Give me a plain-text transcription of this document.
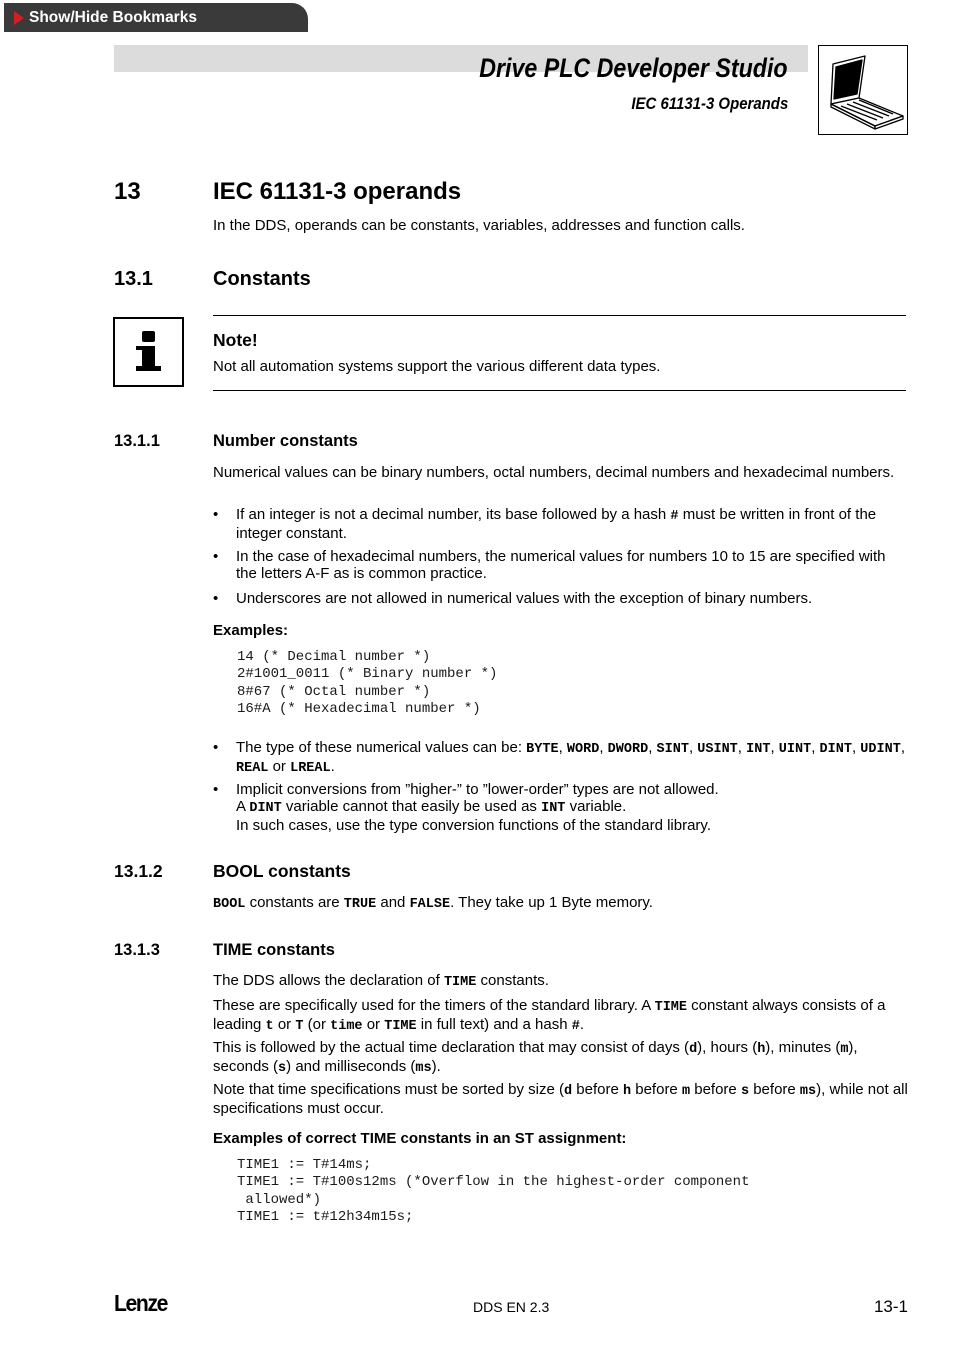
Show/Hide Bookmarks
Drive PLC Developer Studio
IEC 61131-3 Operands
13	IEC 61131-3 operands
In the DDS, operands can be constants, variables, addresses and function calls.
13.1	Constants
Note!
Not all automation systems support the various different data types.
13.1.1	Number constants
Numerical values can be binary numbers, octal numbers, decimal numbers and hexadecimal numbers.
• If an integer is not a decimal number, its base followed by a hash # must be written in front of the integer constant.
• In the case of hexadecimal numbers, the numerical values for numbers 10 to 15 are specified with the letters A-F as is common practice.
• Underscores are not allowed in numerical values with the exception of binary numbers.
Examples:
14 (* Decimal number *)
2#1001_0011 (* Binary number *)
8#67 (* Octal number *)
16#A (* Hexadecimal number *)
• The type of these numerical values can be: BYTE, WORD, DWORD, SINT, USINT, INT, UINT, DINT, UDINT, REAL or LREAL.
• Implicit conversions from ”higher-” to ”lower-order” types are not allowed.
A DINT variable cannot that easily be used as INT variable.
In such cases, use the type conversion functions of the standard library.
13.1.2	BOOL constants
BOOL constants are TRUE and FALSE. They take up 1 Byte memory.
13.1.3	TIME constants
The DDS allows the declaration of TIME constants.
These are specifically used for the timers of the standard library. A TIME constant always consists of a leading t or T (or time or TIME in full text) and a hash #.
This is followed by the actual time declaration that may consist of days (d), hours (h), minutes (m), seconds (s) and milliseconds (ms).
Note that time specifications must be sorted by size (d before h before m before s before ms), while not all specifications must occur.
Examples of correct TIME constants in an ST assignment:
TIME1 := T#14ms;
TIME1 := T#100s12ms (*Overflow in the highest-order component
allowed*)
TIME1 := t#12h34m15s;
Lenze	DDS EN 2.3	13-1
